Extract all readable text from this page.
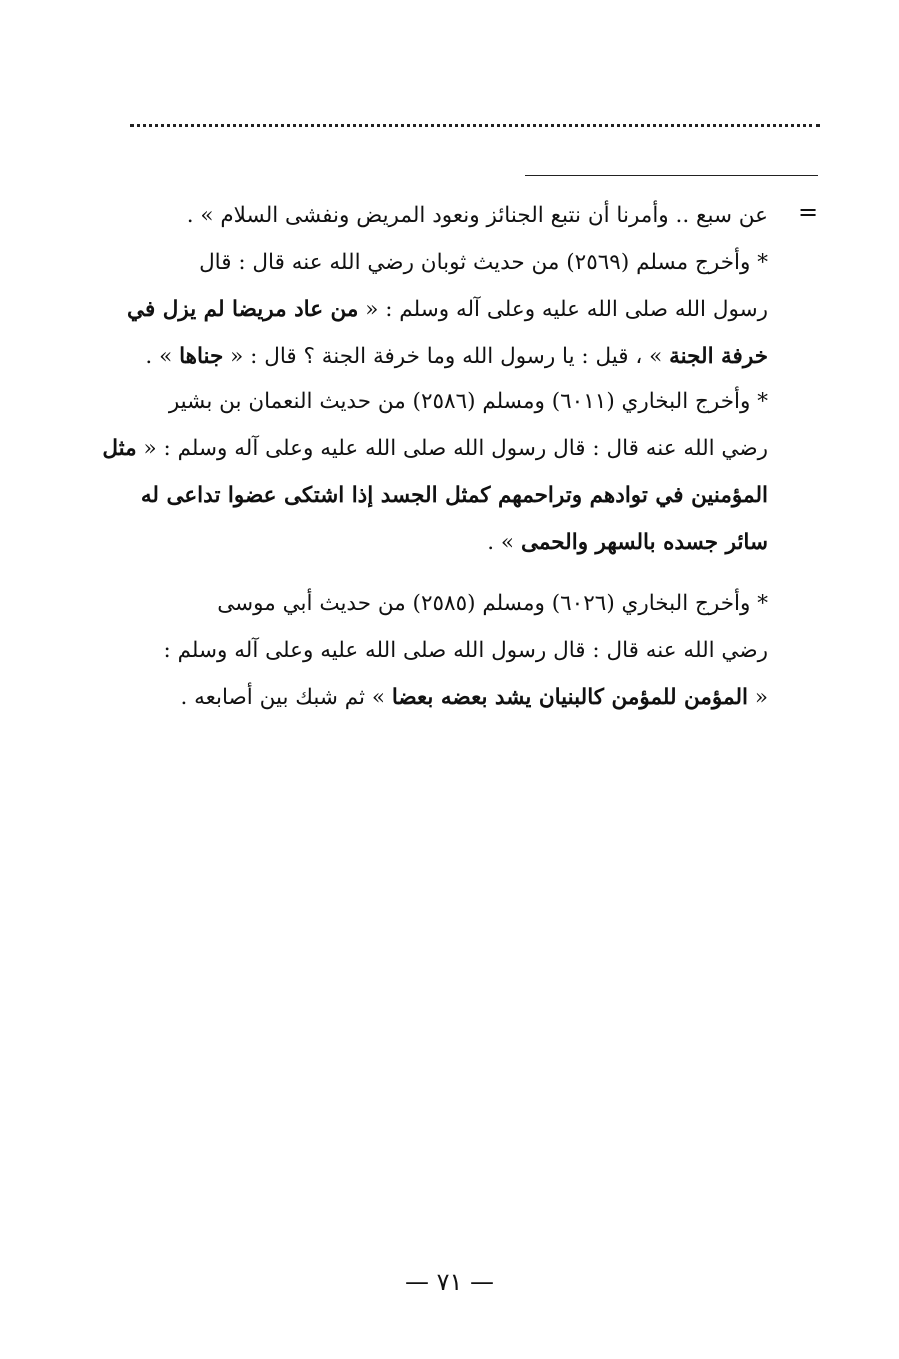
=
عن سبع .. وأمرنا أن نتبع الجنائز ونعود المريض ونفشى السلام » .
* وأخرج مسلم (٢٥٦٩) من حديث ثوبان رضي الله عنه قال : قال
رسول الله صلى الله عليه وعلى آله وسلم : « من عاد مريضا لم يزل في
خرفة الجنة » ، قيل : يا رسول الله وما خرفة الجنة ؟ قال : « جناها » .
* وأخرج البخاري (٦٠١١) ومسلم (٢٥٨٦) من حديث النعمان بن بشير
رضي الله عنه قال : قال رسول الله صلى الله عليه وعلى آله وسلم : « مثل
المؤمنين في توادهم وتراحمهم كمثل الجسد إذا اشتكى عضوا تداعى له
سائر جسده بالسهر والحمى » .
* وأخرج البخاري (٦٠٢٦) ومسلم (٢٥٨٥) من حديث أبي موسى
رضي الله عنه قال : قال رسول الله صلى الله عليه وعلى آله وسلم :
« المؤمن للمؤمن كالبنيان يشد بعضه بعضا » ثم شبك بين أصابعه .
— ٧١ —
